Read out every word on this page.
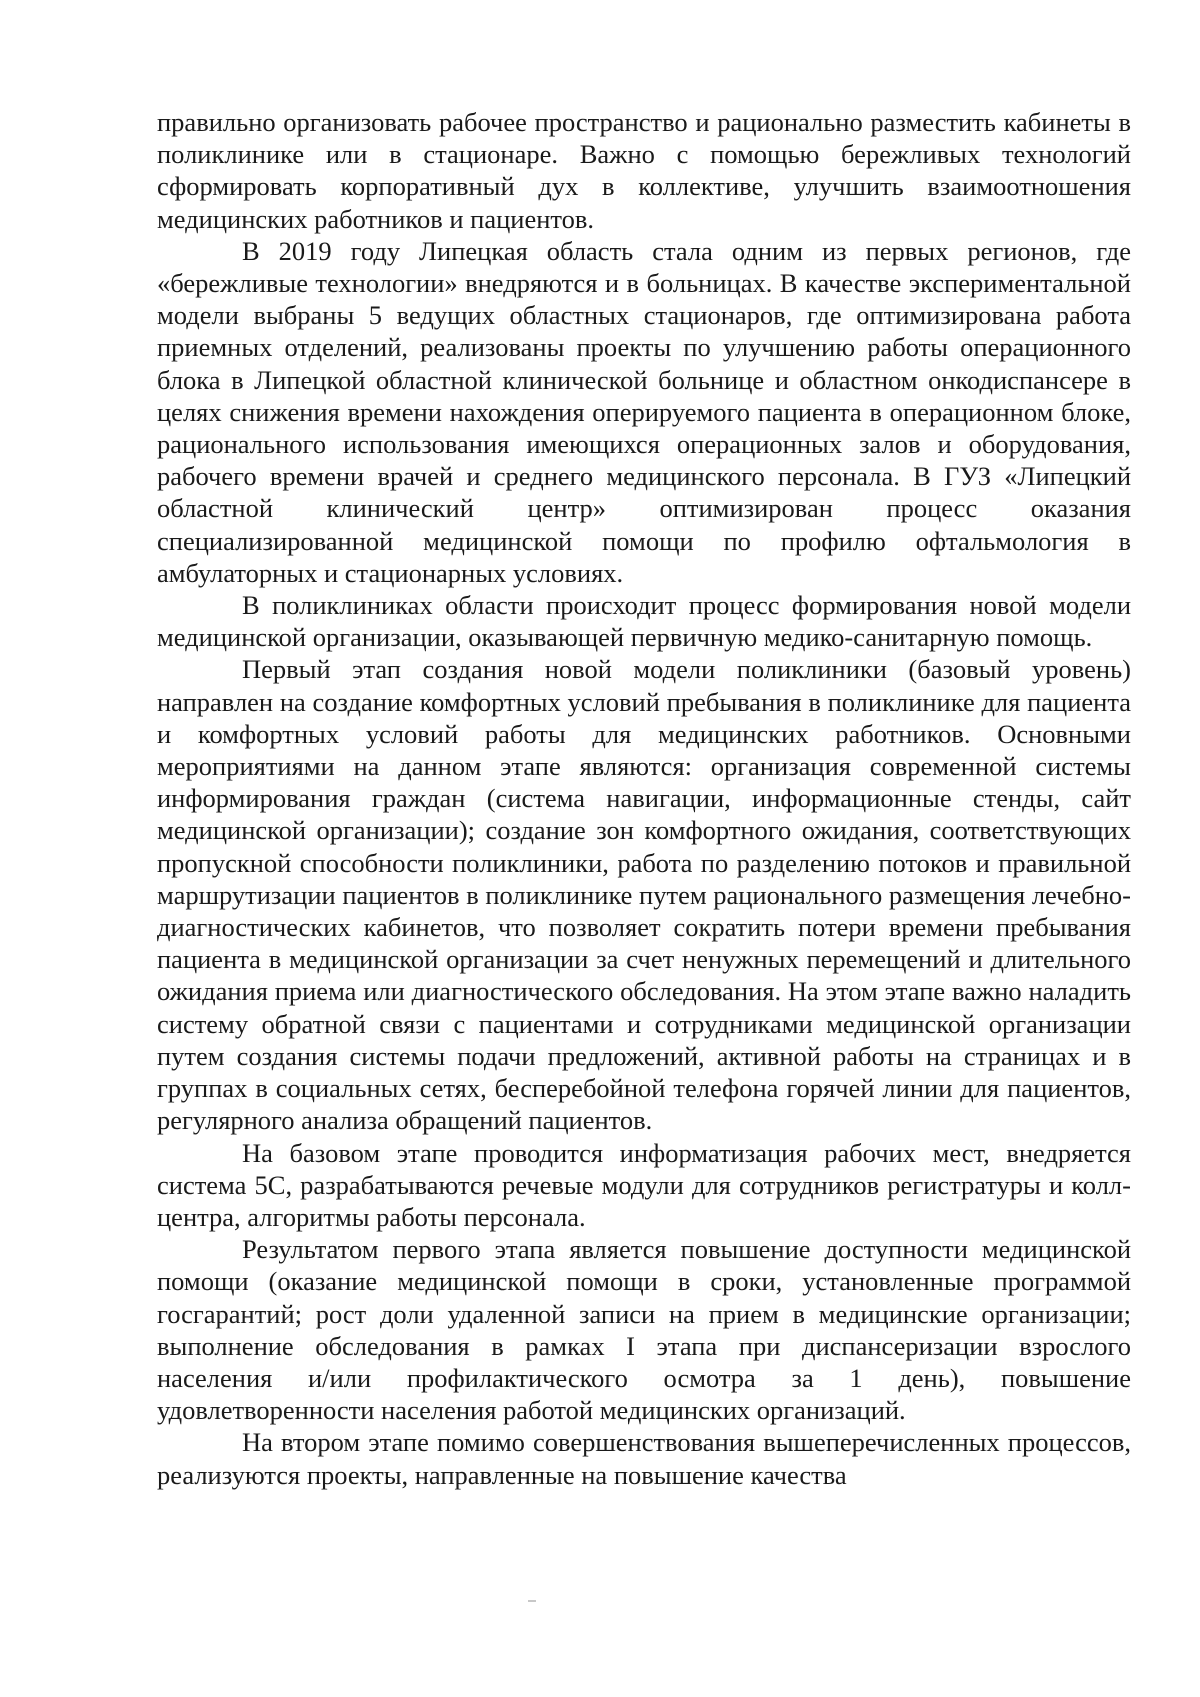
правильно организовать рабочее пространство и рационально разместить кабинеты в поликлинике или в стационаре. Важно с помощью бережливых технологий сформировать корпоративный дух в коллективе, улучшить взаимоотношения медицинских работников и пациентов.

В 2019 году Липецкая область стала одним из первых регионов, где «бережливые технологии» внедряются и в больницах. В качестве экспериментальной модели выбраны 5 ведущих областных стационаров, где оптимизирована работа приемных отделений, реализованы проекты по улучшению работы операционного блока в Липецкой областной клинической больнице и областном онкодиспансере в целях снижения времени нахождения оперируемого пациента в операционном блоке, рационального использования имеющихся операционных залов и оборудования, рабочего времени врачей и среднего медицинского персонала. В ГУЗ «Липецкий областной клинический центр» оптимизирован процесс оказания специализированной медицинской помощи по профилю офтальмология в амбулаторных и стационарных условиях.

В поликлиниках области происходит процесс формирования новой модели медицинской организации, оказывающей первичную медико-санитарную помощь.

Первый этап создания новой модели поликлиники (базовый уровень) направлен на создание комфортных условий пребывания в поликлинике для пациента и комфортных условий работы для медицинских работников. Основными мероприятиями на данном этапе являются: организация современной системы информирования граждан (система навигации, информационные стенды, сайт медицинской организации); создание зон комфортного ожидания, соответствующих пропускной способности поликлиники, работа по разделению потоков и правильной маршрутизации пациентов в поликлинике путем рационального размещения лечебно-диагностических кабинетов, что позволяет сократить потери времени пребывания пациента в медицинской организации за счет ненужных перемещений и длительного ожидания приема или диагностического обследования. На этом этапе важно наладить систему обратной связи с пациентами и сотрудниками медицинской организации путем создания системы подачи предложений, активной работы на страницах и в группах в социальных сетях, бесперебойной телефона горячей линии для пациентов, регулярного анализа обращений пациентов.

На базовом этапе проводится информатизация рабочих мест, внедряется система 5С, разрабатываются речевые модули для сотрудников регистратуры и колл-центра, алгоритмы работы персонала.

Результатом первого этапа является повышение доступности медицинской помощи (оказание медицинской помощи в сроки, установленные программой госгарантий; рост доли удаленной записи на прием в медицинские организации; выполнение обследования в рамках I этапа при диспансеризации взрослого населения и/или профилактического осмотра за 1 день), повышение удовлетворенности населения работой медицинских организаций.

На втором этапе помимо совершенствования вышеперечисленных процессов, реализуются проекты, направленные на повышение качества
